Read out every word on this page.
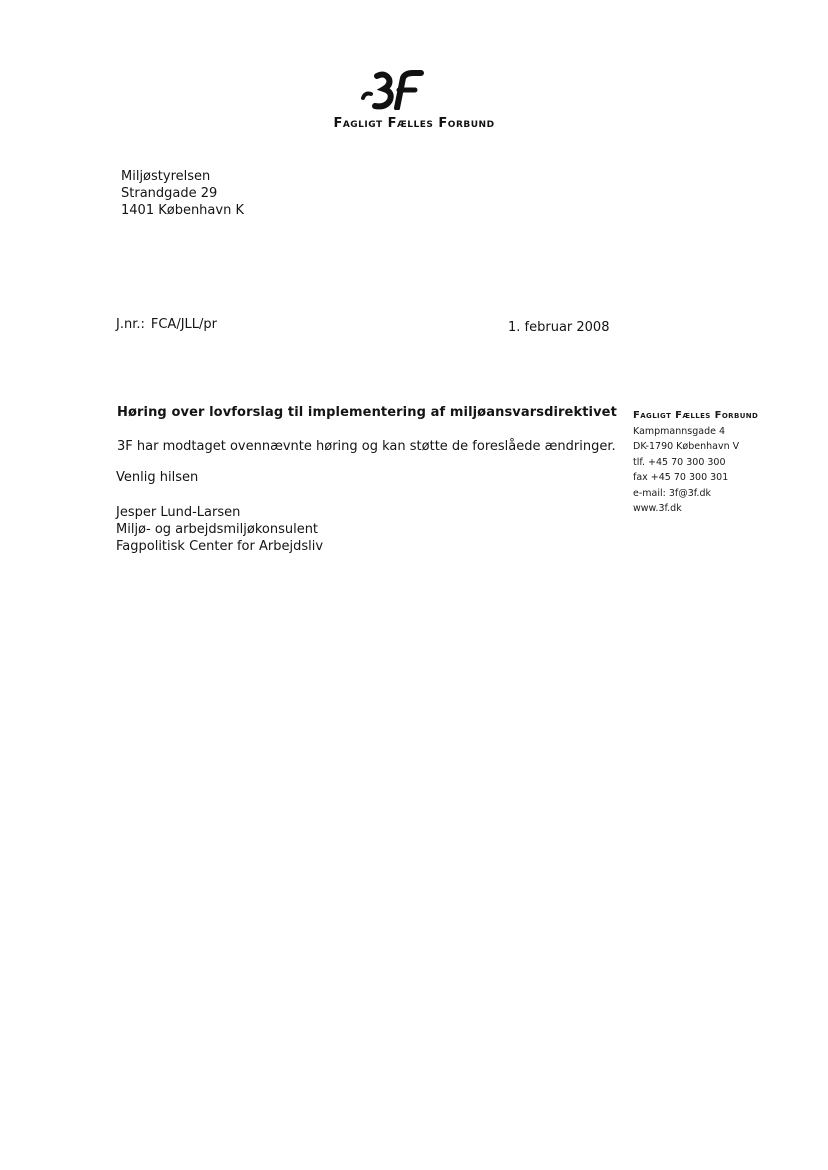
Fagligt Fælles Forbund
Miljøstyrelsen
Strandgade 29
1401 København K
J.nr.: FCA/JLL/pr	1. februar 2008
Høring over lovforslag til implementering af miljøansvarsdirektivet
3F har modtaget ovennævnte høring og kan støtte de foreslåede ændringer.
Venlig hilsen
Jesper Lund-Larsen
Miljø- og arbejdsmiljøkonsulent
Fagpolitisk Center for Arbejdsliv
Fagligt Fælles Forbund
Kampmannsgade 4
DK-1790 København V
tlf. +45 70 300 300
fax +45 70 300 301
e-mail: 3f@3f.dk
www.3f.dk
